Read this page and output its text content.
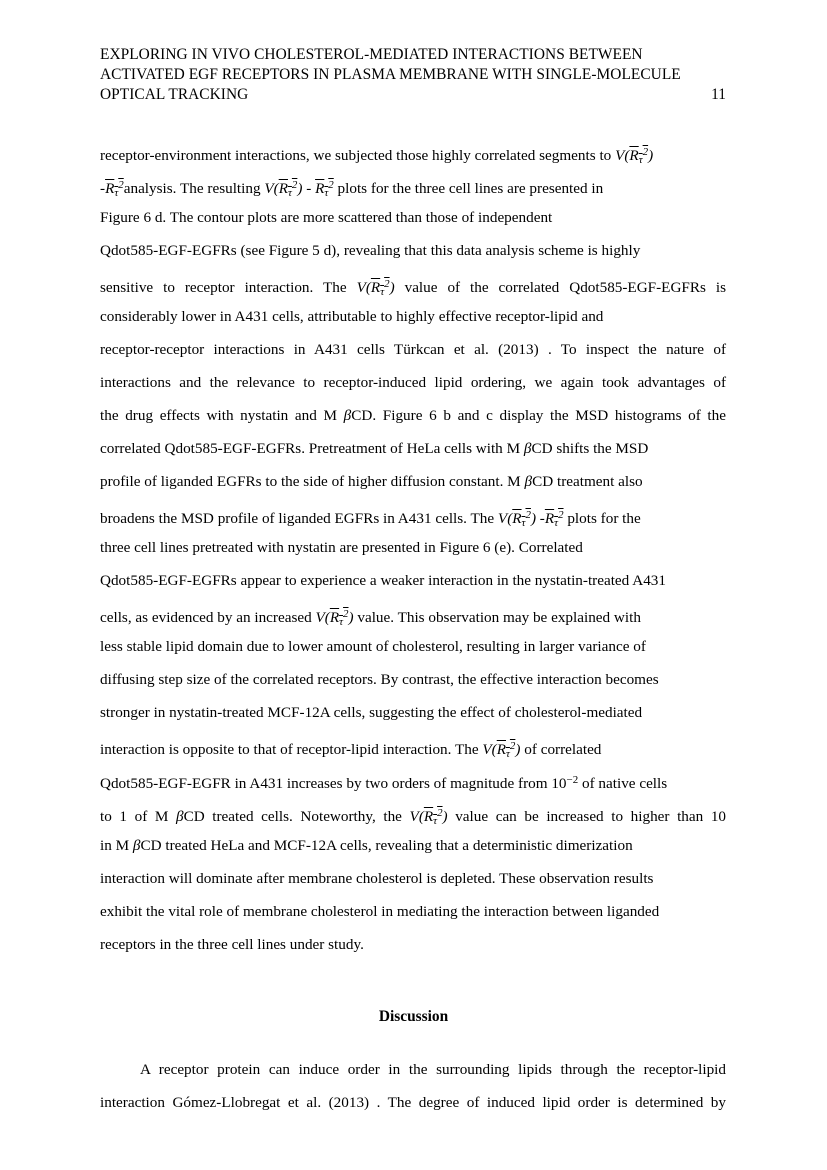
EXPLORING IN VIVO CHOLESTEROL-MEDIATED INTERACTIONS BETWEEN
ACTIVATED EGF RECEPTORS IN PLASMA MEMBRANE WITH SINGLE-MOLECULE
OPTICAL TRACKING	11
receptor-environment interactions, we subjected those highly correlated segments to $V(R_\tau^2)$
$-R_\tau^2analysis$. The resulting $V(R_\tau^2) - R_\tau^2$ plots for the three cell lines are presented in
Figure 6 d. The contour plots are more scattered than those of independent
Qdot585-EGF-EGFRs (see Figure 5 d), revealing that this data analysis scheme is highly
sensitive to receptor interaction. The $V(R_\tau^2)$ value of the correlated Qdot585-EGF-EGFRs is
considerably lower in A431 cells, attributable to highly effective receptor-lipid and
receptor-receptor interactions in A431 cells Türkcan et al. (2013) . To inspect the nature of
interactions and the relevance to receptor-induced lipid ordering, we again took advantages of
the drug effects with nystatin and M βCD. Figure 6 b and c display the MSD histograms of the
correlated Qdot585-EGF-EGFRs. Pretreatment of HeLa cells with M βCD shifts the MSD
profile of liganded EGFRs to the side of higher diffusion constant. M βCD treatment also
broadens the MSD profile of liganded EGFRs in A431 cells. The $V(R_\tau^2)$ $-R_\tau^2$ plots for the
three cell lines pretreated with nystatin are presented in Figure 6 (e). Correlated
Qdot585-EGF-EGFRs appear to experience a weaker interaction in the nystatin-treated A431
cells, as evidenced by an increased $V(R_\tau^2)$ value. This observation may be explained with
less stable lipid domain due to lower amount of cholesterol, resulting in larger variance of
diffusing step size of the correlated receptors. By contrast, the effective interaction becomes
stronger in nystatin-treated MCF-12A cells, suggesting the effect of cholesterol-mediated
interaction is opposite to that of receptor-lipid interaction. The $V(R_\tau^2)$ of correlated
Qdot585-EGF-EGFR in A431 increases by two orders of magnitude from $10^{-2}$ of native cells
to 1 of M βCD treated cells. Noteworthy, the $V(R_\tau^2)$ value can be increased to higher than 10
in M βCD treated HeLa and MCF-12A cells, revealing that a deterministic dimerization
interaction will dominate after membrane cholesterol is depleted. These observation results
exhibit the vital role of membrane cholesterol in mediating the interaction between liganded
receptors in the three cell lines under study.
Discussion
A receptor protein can induce order in the surrounding lipids through the receptor-lipid
interaction Gómez-Llobregat et al. (2013) . The degree of induced lipid order is determined by
